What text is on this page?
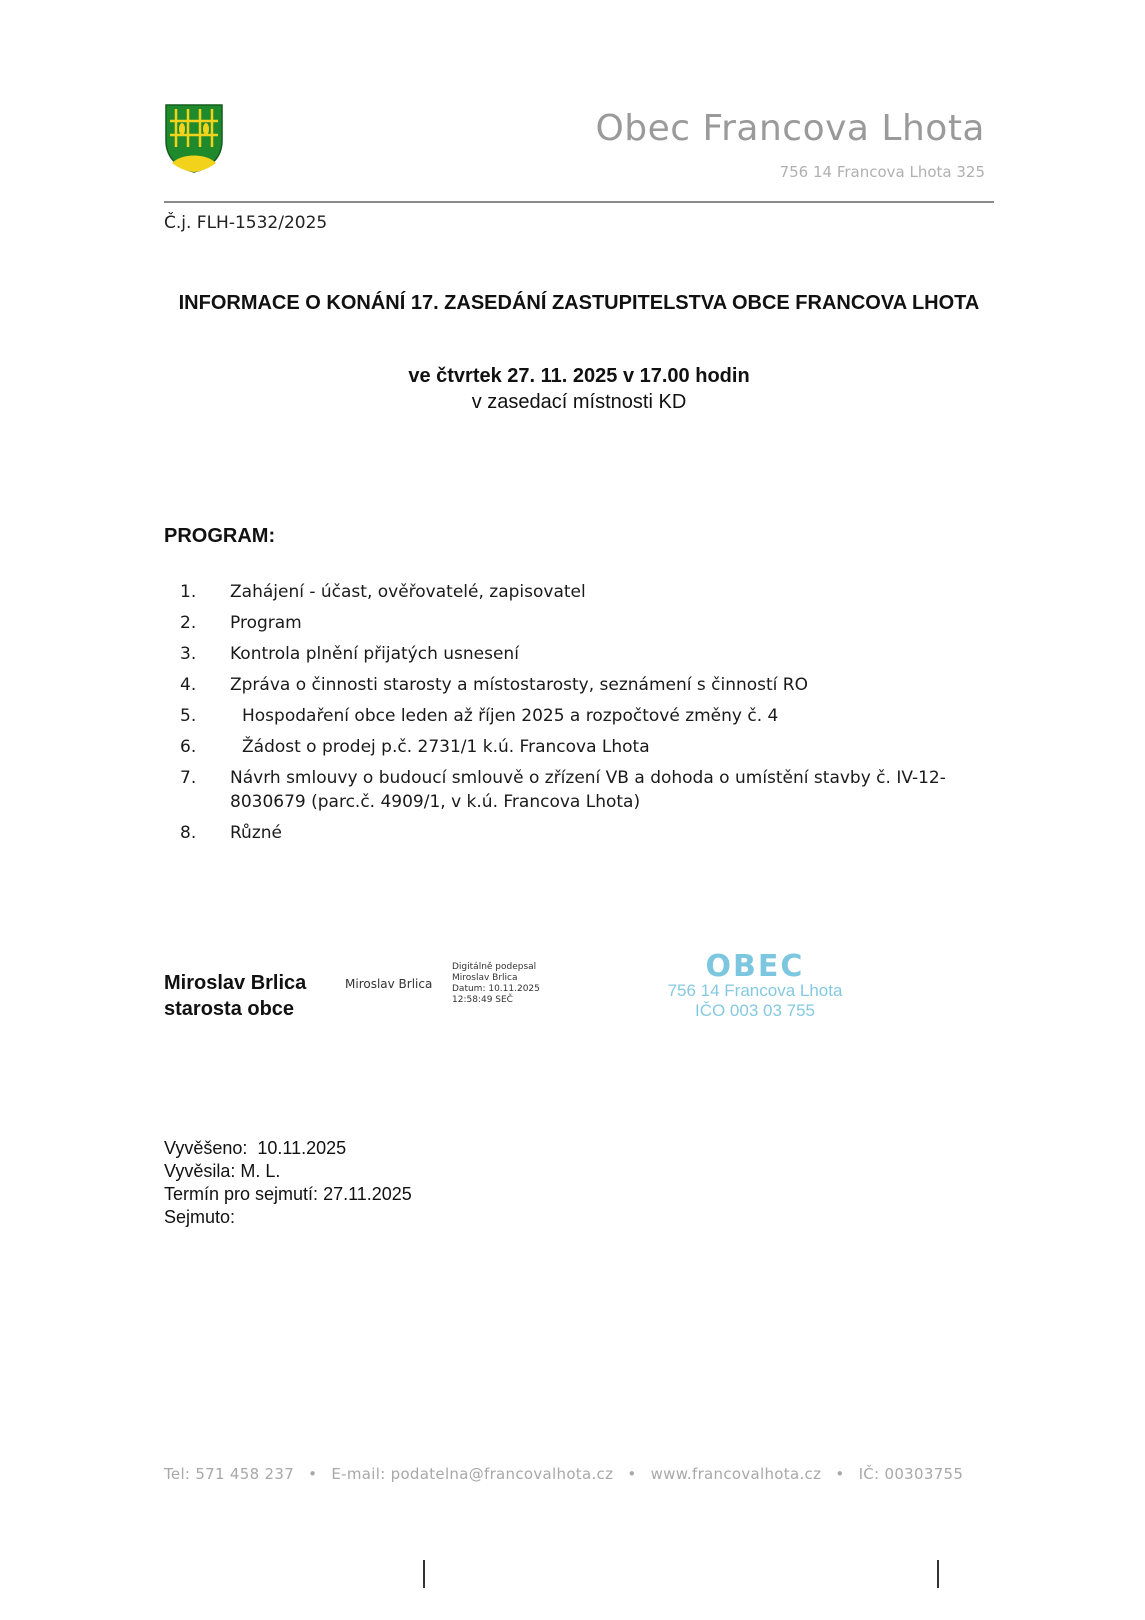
Obec Francova Lhota
756 14 Francova Lhota 325
Č.j. FLH-1532/2025
INFORMACE O KONÁNÍ 17. ZASEDÁNÍ ZASTUPITELSTVA OBCE FRANCOVA LHOTA
ve čtvrtek 27. 11. 2025 v 17.00 hodin
v zasedací místnosti KD
PROGRAM:
1.	Zahájení - účast, ověřovatelé, zapisovatel
2.	Program
3.	Kontrola plnění přijatých usnesení
4.	Zpráva o činnosti starosty a místostarosty, seznámení s činností RO
5.	Hospodaření obce leden až říjen 2025 a rozpočtové změny č. 4
6.	Žádost o prodej p.č. 2731/1 k.ú. Francova Lhota
7.	Návrh smlouvy o budoucí smlouvě o zřízení VB a dohoda o umístění stavby č. IV-12-8030679 (parc.č. 4909/1, v k.ú. Francova Lhota)
8.	Různé
Miroslav Brlica
starosta obce
Miroslav Brlica
Digitálně podepsal
Miroslav Brlica
Datum: 10.11.2025
12:58:49 SEČ
OBEC
756 14 Francova Lhota
IČO 003 03 755
Vyvěšeno: 10.11.2025
Vyvěsila: M. L.
Termín pro sejmutí: 27.11.2025
Sejmuto:
Tel: 571 458 237 • E-mail: podatelna@francovalhota.cz • www.francovalhota.cz • IČ: 00303755
